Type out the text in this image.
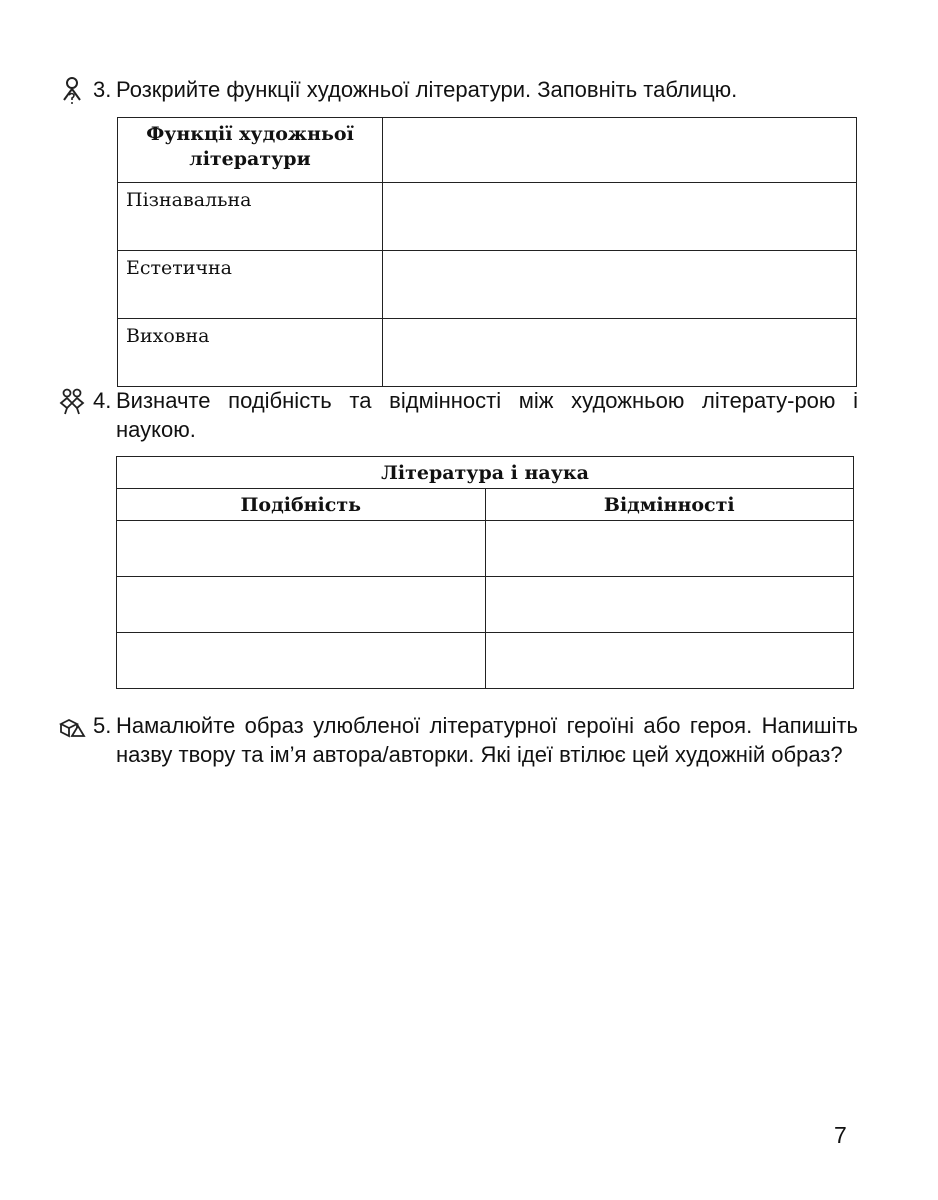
3. Розкрийте функції художньої літератури. Заповніть таблицю.
Функції художньої
літератури	
Пізнавальна	
Естетична	
Виховна	
4. Визначте подібність та відмінності між художньою літерату-рою і наукою.
Література і наука	
Подібність	Відмінності

5. Намалюйте образ улюбленої літературної героїні або героя. Напишіть назву твору та ім’я автора/авторки. Які ідеї втілює цей художній образ?
7
